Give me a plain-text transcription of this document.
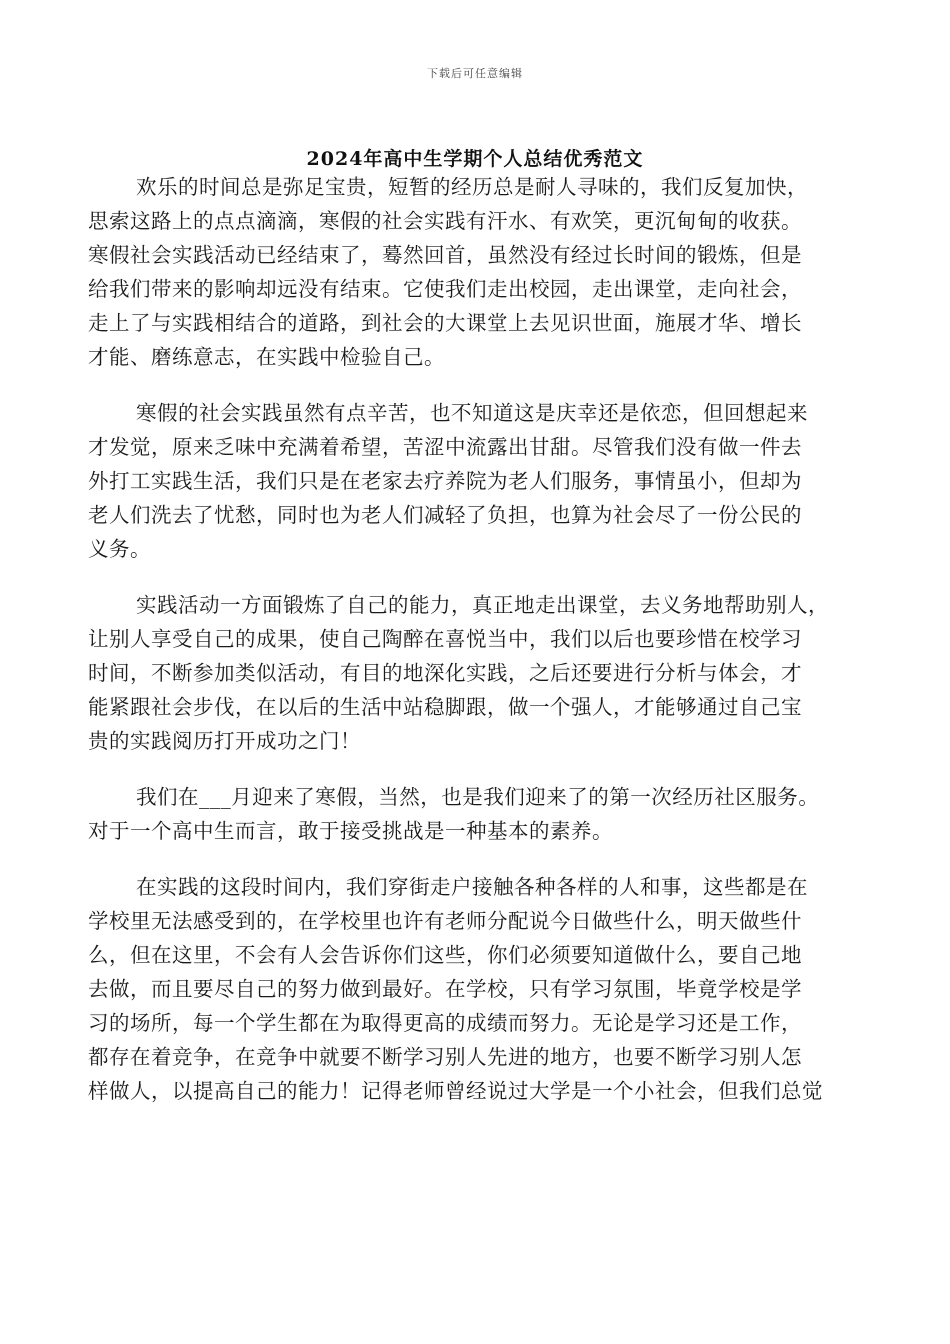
下载后可任意编辑
2024年高中生学期个人总结优秀范文

欢乐的时间总是弥足宝贵，短暂的经历总是耐人寻味的，我们反复加快，
思索这路上的点点滴滴，寒假的社会实践有汗水、有欢笑，更沉甸甸的收获。
寒假社会实践活动已经结束了，蓦然回首，虽然没有经过长时间的锻炼，但是
给我们带来的影响却远没有结束。它使我们走出校园，走出课堂，走向社会，
走上了与实践相结合的道路，到社会的大课堂上去见识世面，施展才华、增长
才能、磨练意志，在实践中检验自己。

寒假的社会实践虽然有点辛苦，也不知道这是庆幸还是依恋，但回想起来
才发觉，原来乏味中充满着希望，苦涩中流露出甘甜。尽管我们没有做一件去
外打工实践生活，我们只是在老家去疗养院为老人们服务，事情虽小，但却为
老人们洗去了忧愁，同时也为老人们减轻了负担，也算为社会尽了一份公民的
义务。

实践活动一方面锻炼了自己的能力，真正地走出课堂，去义务地帮助别人，
让别人享受自己的成果，使自己陶醉在喜悦当中，我们以后也要珍惜在校学习
时间，不断参加类似活动，有目的地深化实践，之后还要进行分析与体会，才
能紧跟社会步伐，在以后的生活中站稳脚跟，做一个强人，才能够通过自己宝
贵的实践阅历打开成功之门！

我们在___月迎来了寒假，当然，也是我们迎来了的第一次经历社区服务。
对于一个高中生而言，敢于接受挑战是一种基本的素养。

在实践的这段时间内，我们穿街走户接触各种各样的人和事，这些都是在
学校里无法感受到的，在学校里也许有老师分配说今日做些什么，明天做些什
么，但在这里，不会有人会告诉你们这些，你们必须要知道做什么，要自己地
去做，而且要尽自己的努力做到最好。在学校，只有学习氛围，毕竟学校是学
习的场所，每一个学生都在为取得更高的成绩而努力。无论是学习还是工作，
都存在着竞争，在竞争中就要不断学习别人先进的地方，也要不断学习别人怎
样做人，以提高自己的能力！记得老师曾经说过大学是一个小社会，但我们总觉
